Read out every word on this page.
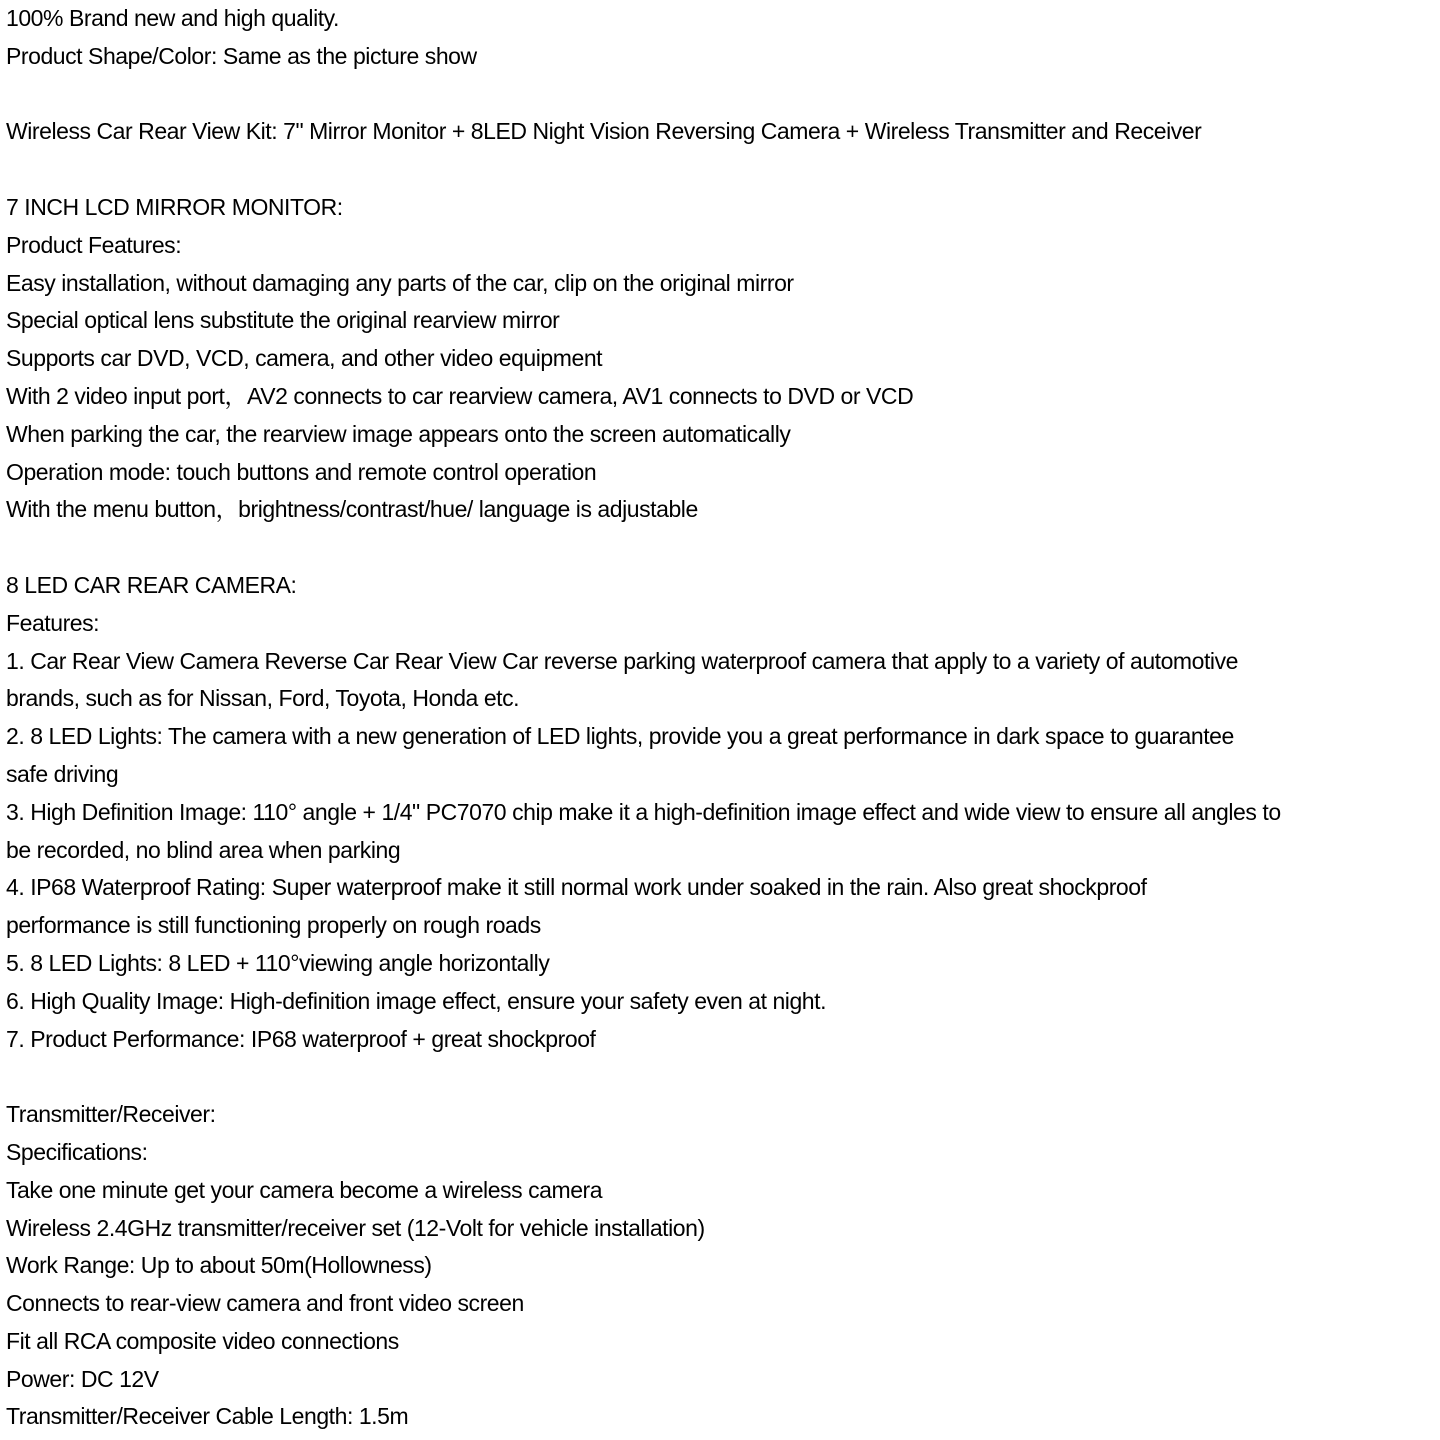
100% Brand new and high quality.
Product Shape/Color: Same as the picture show
Wireless Car Rear View Kit: 7" Mirror Monitor + 8LED Night Vision Reversing Camera + Wireless Transmitter and Receiver
7 INCH LCD MIRROR MONITOR:
Product Features:
Easy installation, without damaging any parts of the car, clip on the original mirror
Special optical lens substitute the original rearview mirror
Supports car DVD, VCD, camera, and other video equipment
With 2 video input port，AV2 connects to car rearview camera, AV1 connects to DVD or VCD
When parking the car, the rearview image appears onto the screen automatically
Operation mode: touch buttons and remote control operation
With the menu button，brightness/contrast/hue/ language is adjustable
8 LED CAR REAR CAMERA:
Features:
1. Car Rear View Camera Reverse Car Rear View Car reverse parking waterproof camera that apply to a variety of automotive
brands, such as for Nissan, Ford, Toyota, Honda etc.
2. 8 LED Lights: The camera with a new generation of LED lights, provide you a great performance in dark space to guarantee
safe driving
3. High Definition Image: 110° angle + 1/4" PC7070 chip make it a high-definition image effect and wide view to ensure all angles to
be recorded, no blind area when parking
4. IP68 Waterproof Rating: Super waterproof make it still normal work under soaked in the rain. Also great shockproof
performance is still functioning properly on rough roads
5. 8 LED Lights: 8 LED + 110°viewing angle horizontally
6. High Quality Image: High-definition image effect, ensure your safety even at night.
7. Product Performance: IP68 waterproof + great shockproof
Transmitter/Receiver:
Specifications:
Take one minute get your camera become a wireless camera
Wireless 2.4GHz transmitter/receiver set (12-Volt for vehicle installation)
Work Range: Up to about 50m(Hollowness)
Connects to rear-view camera and front video screen
Fit all RCA composite video connections
Power: DC 12V
Transmitter/Receiver Cable Length: 1.5m
